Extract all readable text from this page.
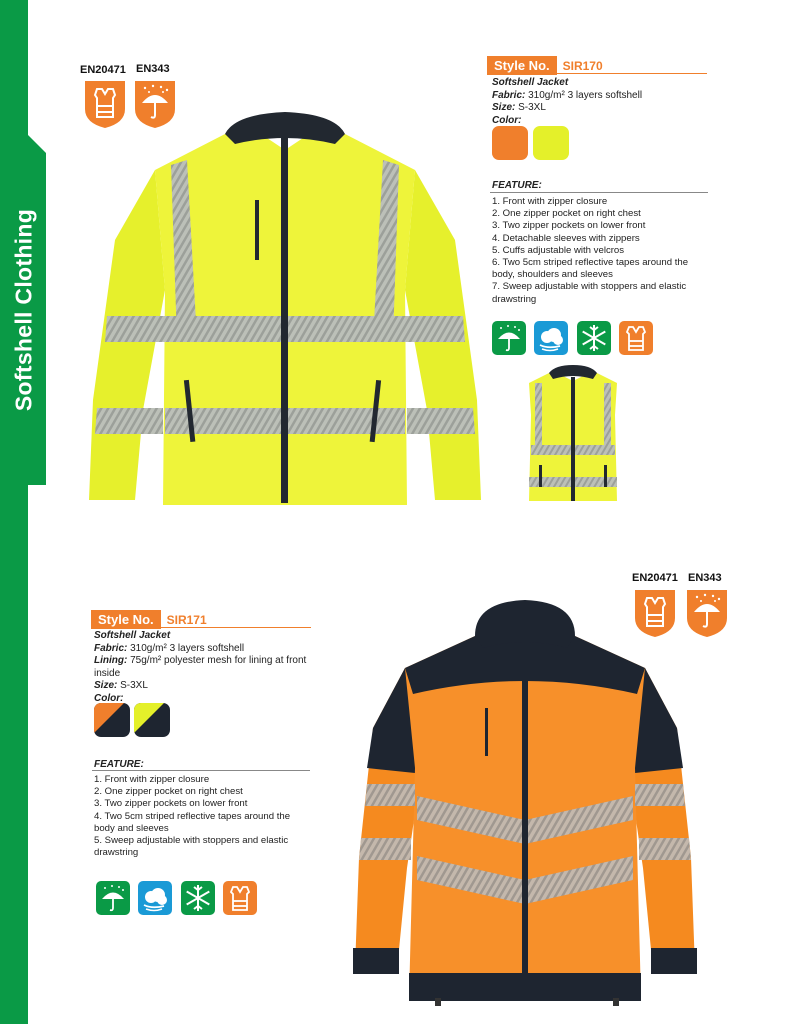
Softshell Clothing
EN20471 EN343	Style No.	SIR170
Softshell Jacket
Fabric: 310g/m² 3 layers softshell
Size: S-3XL
Color:
FEATURE:
1. Front with zipper closure
2. One zipper pocket on right chest
3. Two zipper pockets on lower front
4. Detachable sleeves with zippers
5. Cuffs adjustable with velcros
6. Two 5cm striped reflective tapes around the
body, shoulders and sleeves
7. Sweep adjustable with stoppers and elastic
drawstring

EN20471 EN343
Style No.	SIR171
Softshell Jacket
Fabric: 310g/m² 3 layers softshell
Lining: 75g/m² polyester mesh for lining at front
inside
Size: S-3XL
Color:
FEATURE:
1. Front with zipper closure
2. One zipper pocket on right chest
3. Two zipper pockets on lower front
4. Two 5cm striped reflective tapes around the
body and sleeves
5. Sweep adjustable with stoppers and elastic
drawstring
